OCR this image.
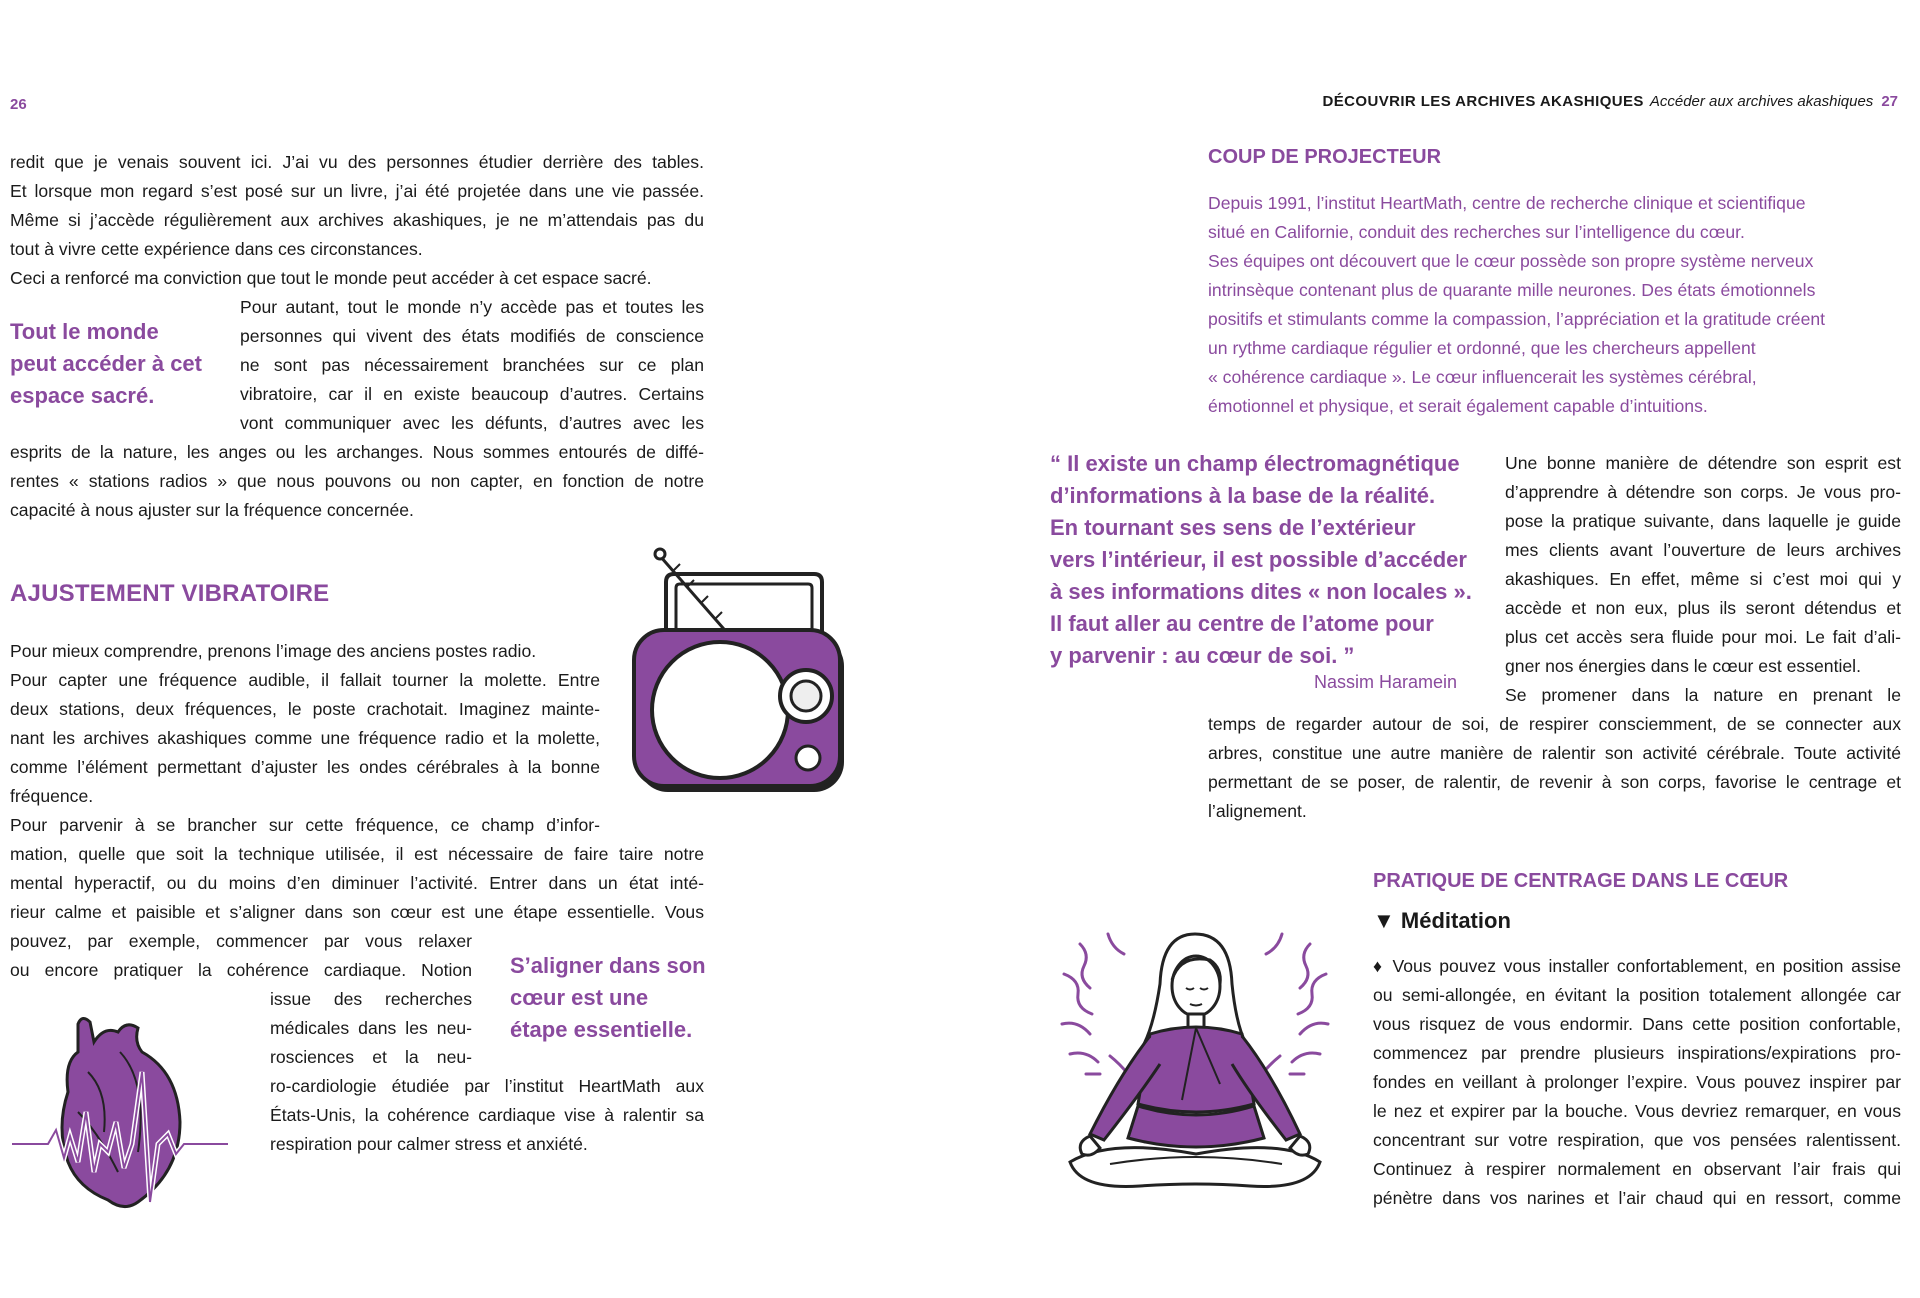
26

redit que je venais souvent ici. J’ai vu des personnes étudier derrière des tables.

Et lorsque mon regard s’est posé sur un livre, j’ai été projetée dans une vie passée.

Même si j’accède régulièrement aux archives akashiques, je ne m’attendais pas du

tout à vivre cette expérience dans ces circonstances.

Ceci a renforcé ma conviction que tout le monde peut accéder à cet espace sacré.

Tout le monde
peut accéder à cet
espace sacré.

Pour autant, tout le monde n’y accède pas et toutes les

personnes qui vivent des états modifiés de conscience

ne sont pas nécessairement branchées sur ce plan

vibratoire, car il en existe beaucoup d’autres. Certains

vont communiquer avec les défunts, d’autres avec les

esprits de la nature, les anges ou les archanges. Nous sommes entourés de diffé-

rentes « stations radios » que nous pouvons ou non capter, en fonction de notre

capacité à nous ajuster sur la fréquence concernée.

AJUSTEMENT VIBRATOIRE

Pour mieux comprendre, prenons l’image des anciens postes radio.

Pour capter une fréquence audible, il fallait tourner la molette. Entre

deux stations, deux fréquences, le poste crachotait. Imaginez mainte-

nant les archives akashiques comme une fréquence radio et la molette,

comme l’élément permettant d’ajuster les ondes cérébrales à la bonne

fréquence.

Pour parvenir à se brancher sur cette fréquence, ce champ d’infor-

mation, quelle que soit la technique utilisée, il est nécessaire de faire taire notre

mental hyperactif, ou du moins d’en diminuer l’activité. Entrer dans un état inté-

rieur calme et paisible et s’aligner dans son cœur est une étape essentielle. Vous

pouvez, par exemple, commencer par vous relaxer

ou encore pratiquer la cohérence cardiaque. Notion

issue des recherches

médicales dans les neu-

rosciences et la neu-

ro-cardiologie étudiée par l’institut HeartMath aux

États-Unis, la cohérence cardiaque vise à ralentir sa

respiration pour calmer stress et anxiété.

S’aligner dans son
cœur est une
étape essentielle.
DÉCOUVRIR LES ARCHIVES AKASHIQUES Accéder aux archives akashiques 27
COUP DE PROJECTEUR
Depuis 1991, l’institut HeartMath, centre de recherche clinique et scientifique
situé en Californie, conduit des recherches sur l’intelligence du cœur.
Ses équipes ont découvert que le cœur possède son propre système nerveux
intrinsèque contenant plus de quarante mille neurones. Des états émotionnels
positifs et stimulants comme la compassion, l’appréciation et la gratitude créent
un rythme cardiaque régulier et ordonné, que les chercheurs appellent
« cohérence cardiaque ». Le cœur influencerait les systèmes cérébral,
émotionnel et physique, et serait également capable d’intuitions.
“ Il existe un champ électromagnétique
d’informations à la base de la réalité.
En tournant ses sens de l’extérieur
vers l’intérieur, il est possible d’accéder
à ses informations dites « non locales ».
Il faut aller au centre de l’atome pour
y parvenir : au cœur de soi. ”
Nassim Haramein

Une bonne manière de détendre son esprit est

d’apprendre à détendre son corps. Je vous pro-

pose la pratique suivante, dans laquelle je guide

mes clients avant l’ouverture de leurs archives

akashiques. En effet, même si c’est moi qui y

accède et non eux, plus ils seront détendus et

plus cet accès sera fluide pour moi. Le fait d’ali-

gner nos énergies dans le cœur est essentiel.

Se promener dans la nature en prenant le

temps de regarder autour de soi, de respirer consciemment, de se connecter aux

arbres, constitue une autre manière de ralentir son activité cérébrale. Toute activité

permettant de se poser, de ralentir, de revenir à son corps, favorise le centrage et

l’alignement.

PRATIQUE DE CENTRAGE DANS LE CŒUR
▼ Méditation

♦ Vous pouvez vous installer confortablement, en position assise

ou semi-allongée, en évitant la position totalement allongée car

vous risquez de vous endormir. Dans cette position confortable,

commencez par prendre plusieurs inspirations/expirations pro-

fondes en veillant à prolonger l’expire. Vous pouvez inspirer par

le nez et expirer par la bouche. Vous devriez remarquer, en vous

concentrant sur votre respiration, que vos pensées ralentissent.

Continuez à respirer normalement en observant l’air frais qui

pénètre dans vos narines et l’air chaud qui en ressort, comme
